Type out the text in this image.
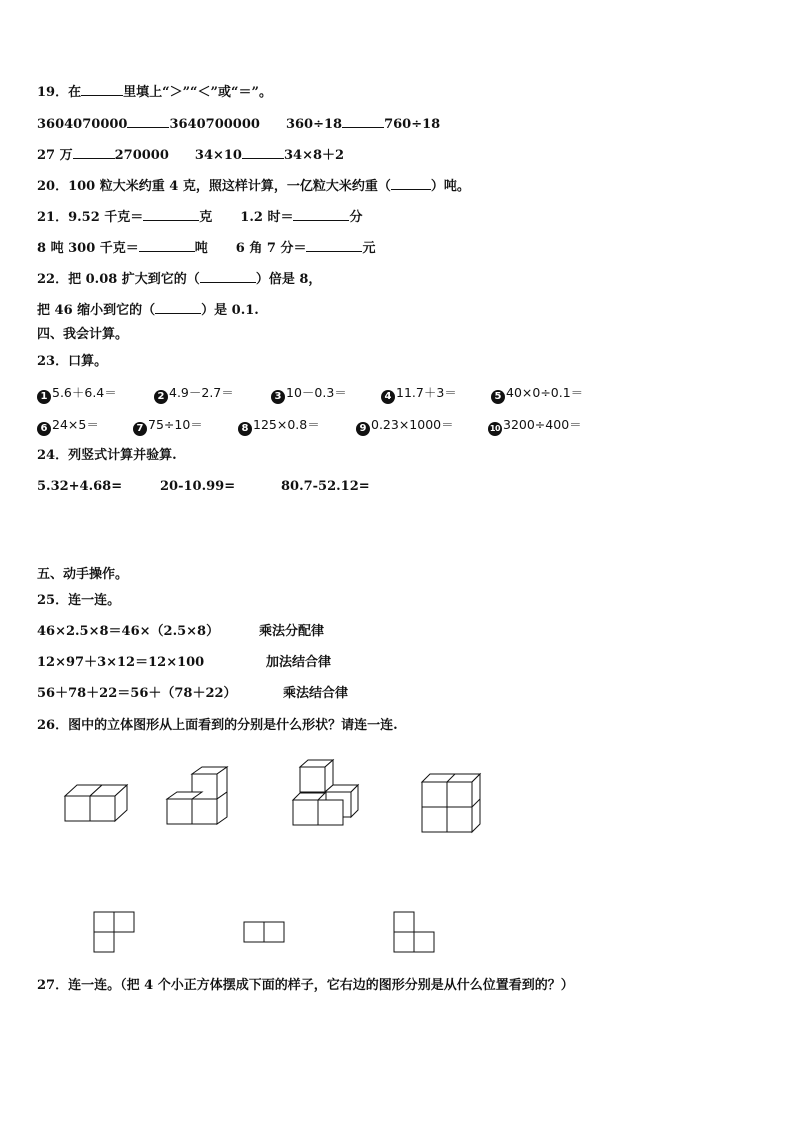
19．在	里填上“＞”“＜”或“＝”。
3604070000	3640700000 360÷18	760÷18
27 万	270000 34×10	34×8＋2
20．100 粒大米约重 4 克，照这样计算，一亿粒大米约重（	）吨。
21．9.52 千克＝	克 1.2 时＝	分
8 吨 300 千克＝	吨 6 角 7 分＝	元
22．把 0.08 扩大到它的（	）倍是 8，
把 46 缩小到它的（	）是 0.1.
四、我会计算。
23．口算。
1 5.6＋6.4＝	2 4.9－2.7＝	3 10－0.3＝	4 11.7＋3＝	5 40×0÷0.1＝
6 24×5＝	7 75÷10＝	8 125×0.8＝	9 0.23×1000＝	10 3200÷400＝
24．列竖式计算并验算.
5.32+4.68=	20-10.99=	80.7-52.12=
五、动手操作。
25．连一连。
46×2.5×8＝46×（2.5×8）	乘法分配律
12×97＋3×12＝12×100	加法结合律
56＋78＋22＝56＋（78＋22）	乘法结合律
26．图中的立体图形从上面看到的分别是什么形状？请连一连.
27．连一连。（把 4 个小正方体摆成下面的样子，它右边的图形分别是从什么位置看到的？）
